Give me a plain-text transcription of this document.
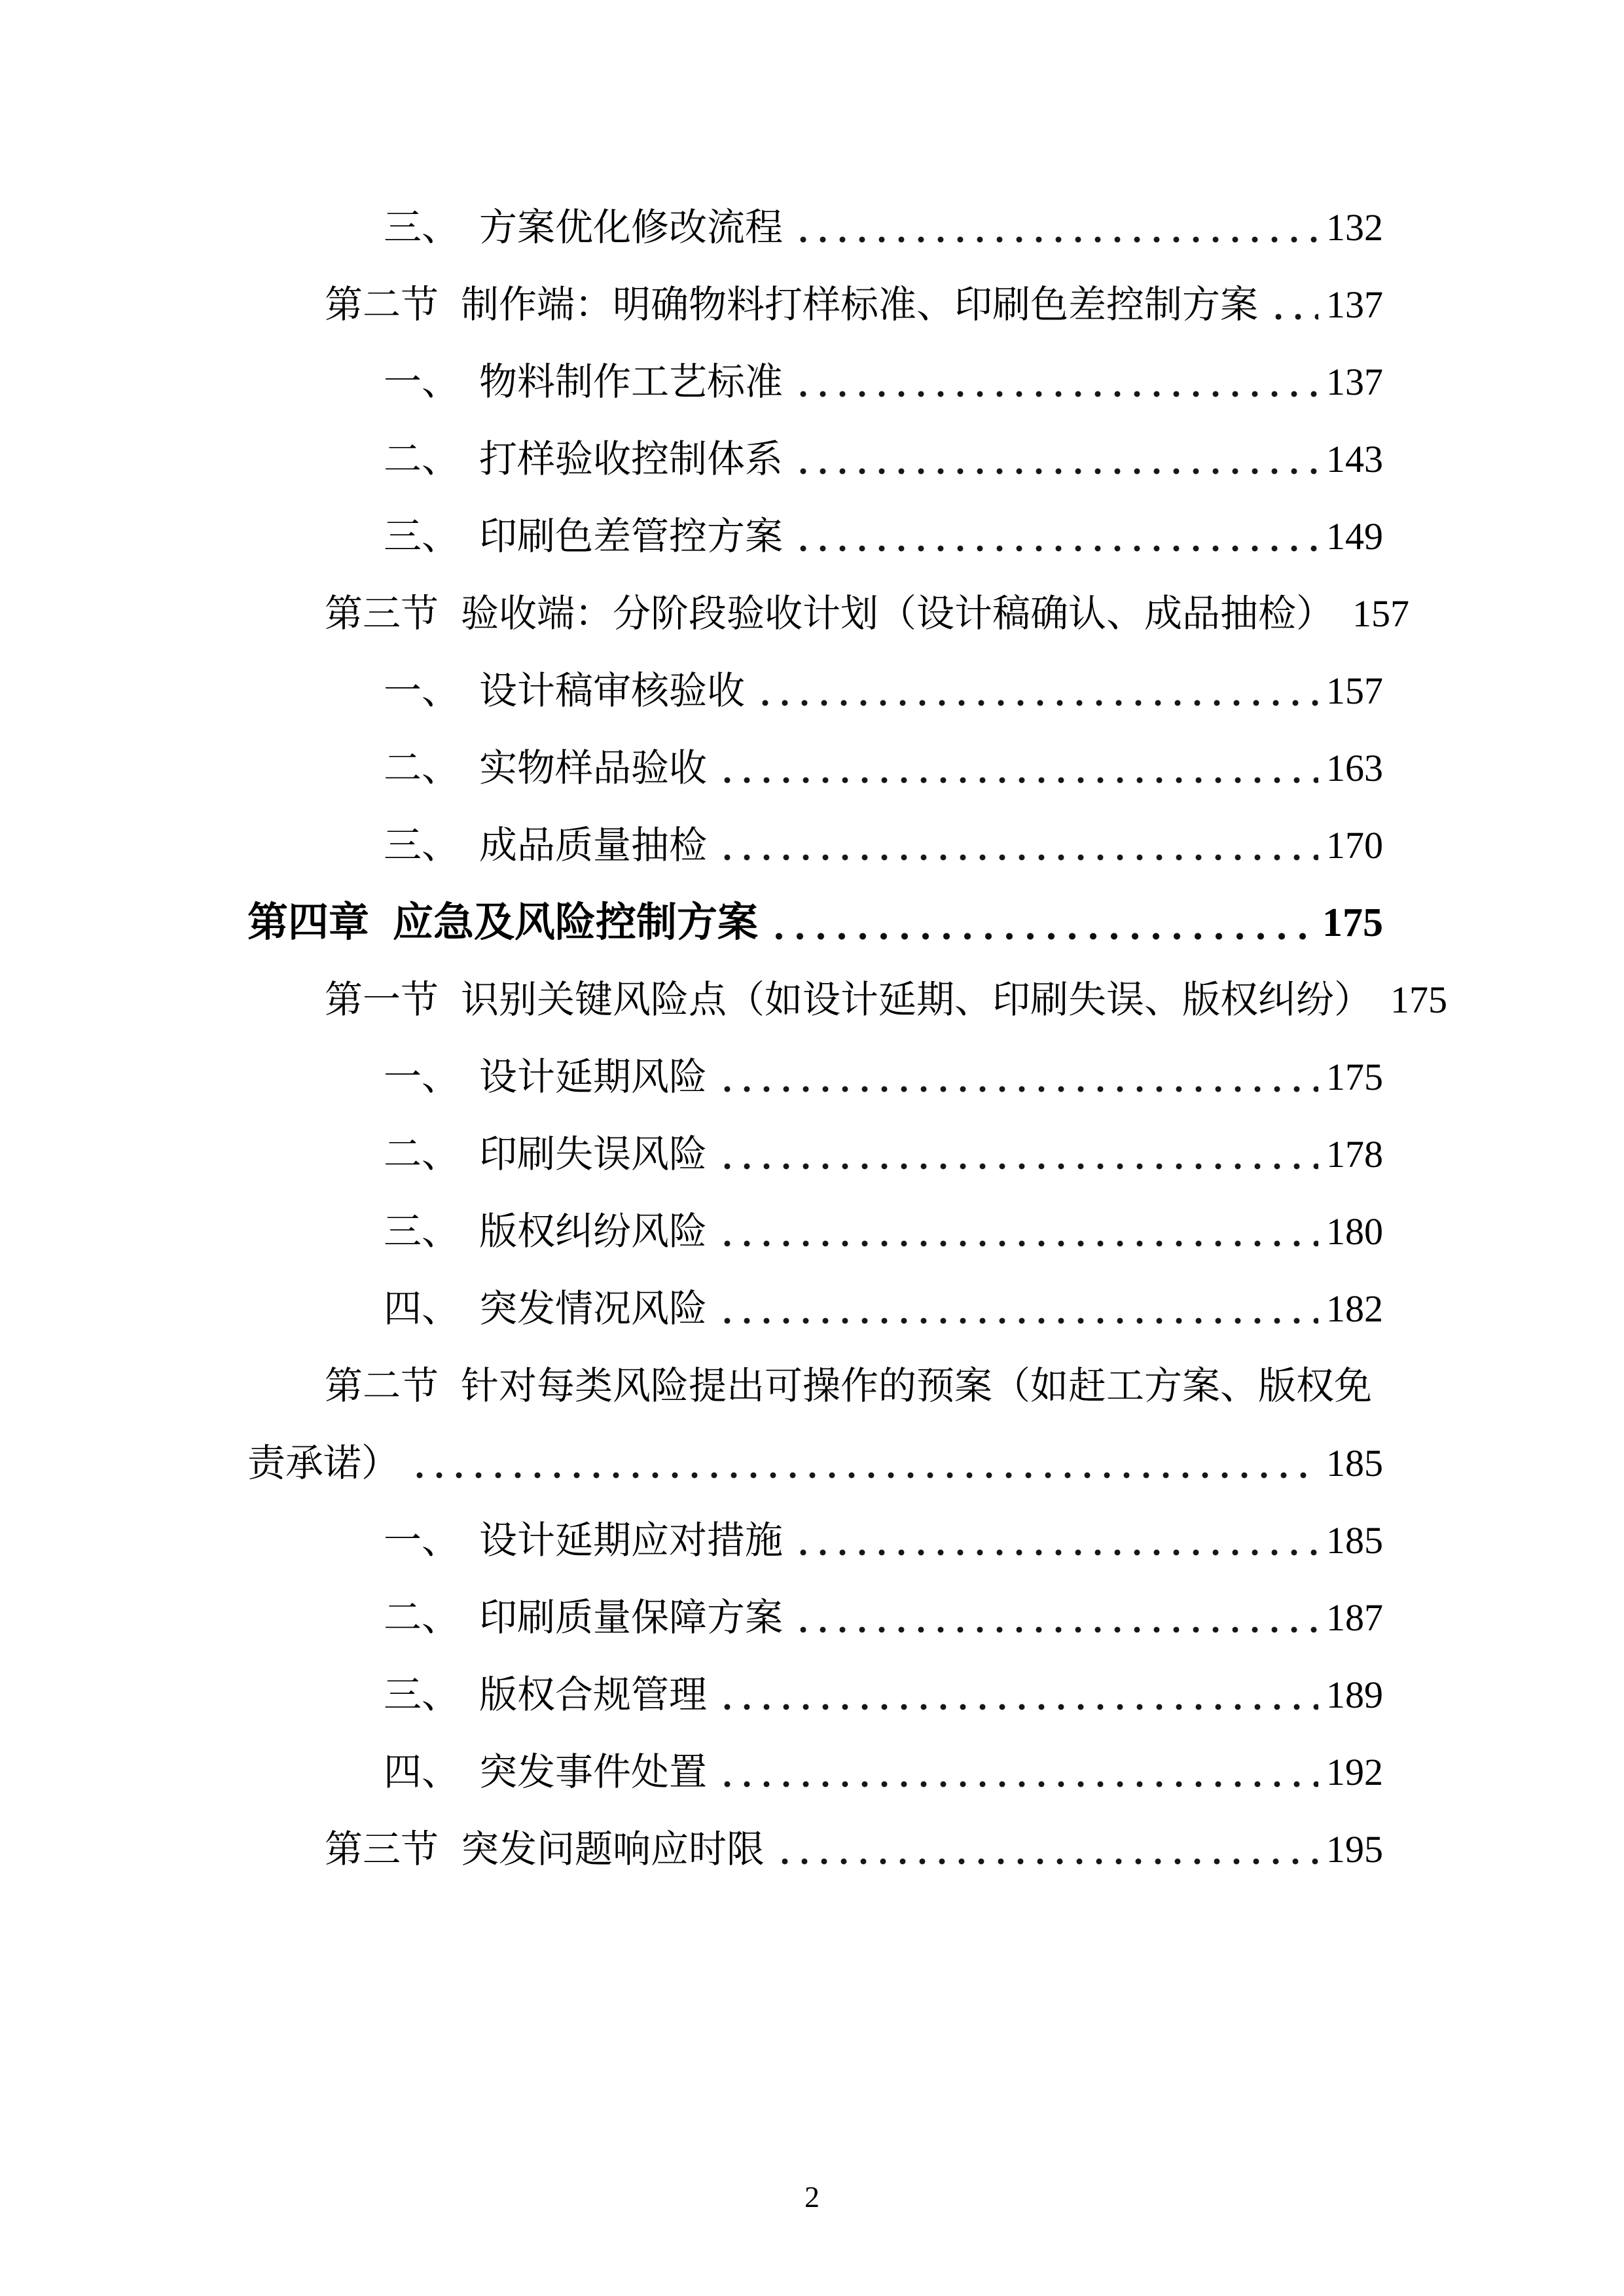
三、 方案优化修改流程	132
第二节 制作端：明确物料打样标准、印刷色差控制方案 137
一、 物料制作工艺标准	137
二、 打样验收控制体系	143
三、 印刷色差管控方案	149
第三节 验收端：分阶段验收计划（设计稿确认、成品抽检） 157
一、 设计稿审核验收	157
二、 实物样品验收	163
三、 成品质量抽检	170
第四章 应急及风险控制方案	175
第一节 识别关键风险点（如设计延期、印刷失误、版权纠纷） 175
一、 设计延期风险	175
二、 印刷失误风险	178
三、 版权纠纷风险	180
四、 突发情况风险	182
第二节 针对每类风险提出可操作的预案（如赶工方案、版权免
责承诺）	185
一、 设计延期应对措施	185
二、 印刷质量保障方案	187
三、 版权合规管理	189
四、 突发事件处置	192
第三节 突发问题响应时限	195
2
